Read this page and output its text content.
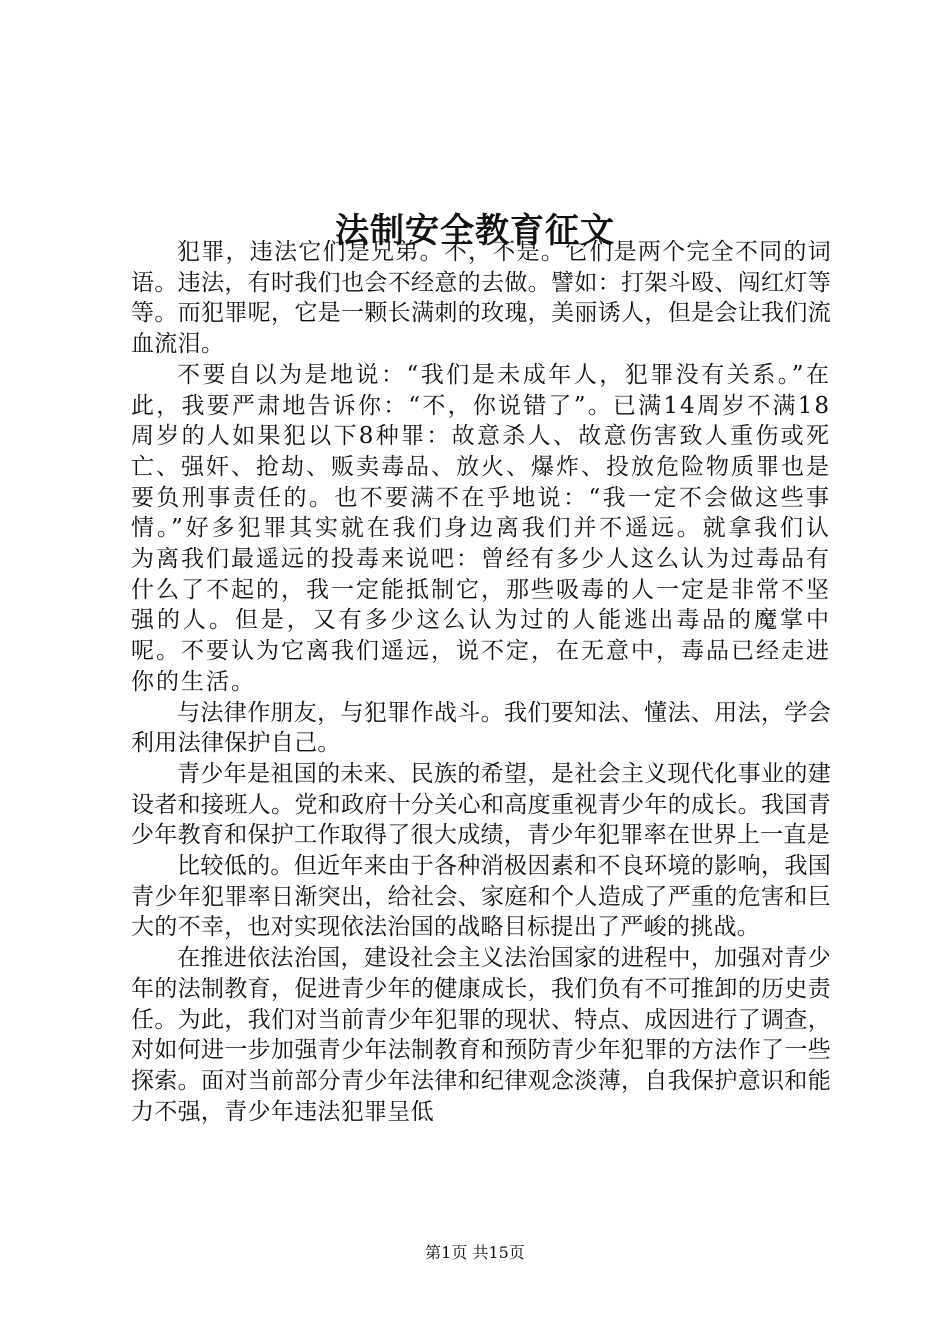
法制安全教育征文

犯罪，违法它们是兄弟。不，不是。它们是两个完全不同的词语。违法，有时我们也会不经意的去做。譬如：打架斗殴、闯红灯等等。而犯罪呢，它是一颗长满刺的玫瑰，美丽诱人，但是会让我们流血流泪。

不要自以为是地说：“我们是未成年人，犯罪没有关系。”在此，我要严肃地告诉你：“不，你说错了”。已满14周岁不满18周岁的人如果犯以下8种罪：故意杀人、故意伤害致人重伤或死亡、强奸、抢劫、贩卖毒品、放火、爆炸、投放危险物质罪也是要负刑事责任的。也不要满不在乎地说：“我一定不会做这些事情。”好多犯罪其实就在我们身边离我们并不遥远。就拿我们认为离我们最遥远的投毒来说吧：曾经有多少人这么认为过毒品有什么了不起的，我一定能抵制它，那些吸毒的人一定是非常不坚强的人。但是，又有多少这么认为过的人能逃出毒品的魔掌中呢。不要认为它离我们遥远，说不定，在无意中，毒品已经走进你的生活。

与法律作朋友，与犯罪作战斗。我们要知法、懂法、用法，学会利用法律保护自己。

青少年是祖国的未来、民族的希望，是社会主义现代化事业的建设者和接班人。党和政府十分关心和高度重视青少年的成长。我国青少年教育和保护工作取得了很大成绩，青少年犯罪率在世界上一直是

比较低的。但近年来由于各种消极因素和不良环境的影响，我国青少年犯罪率日渐突出，给社会、家庭和个人造成了严重的危害和巨大的不幸，也对实现依法治国的战略目标提出了严峻的挑战。

在推进依法治国，建设社会主义法治国家的进程中，加强对青少年的法制教育，促进青少年的健康成长，我们负有不可推卸的历史责任。为此，我们对当前青少年犯罪的现状、特点、成因进行了调查，对如何进一步加强青少年法制教育和预防青少年犯罪的方法作了一些探索。面对当前部分青少年法律和纪律观念淡薄，自我保护意识和能力不强，青少年违法犯罪呈低

第1页 共15页
